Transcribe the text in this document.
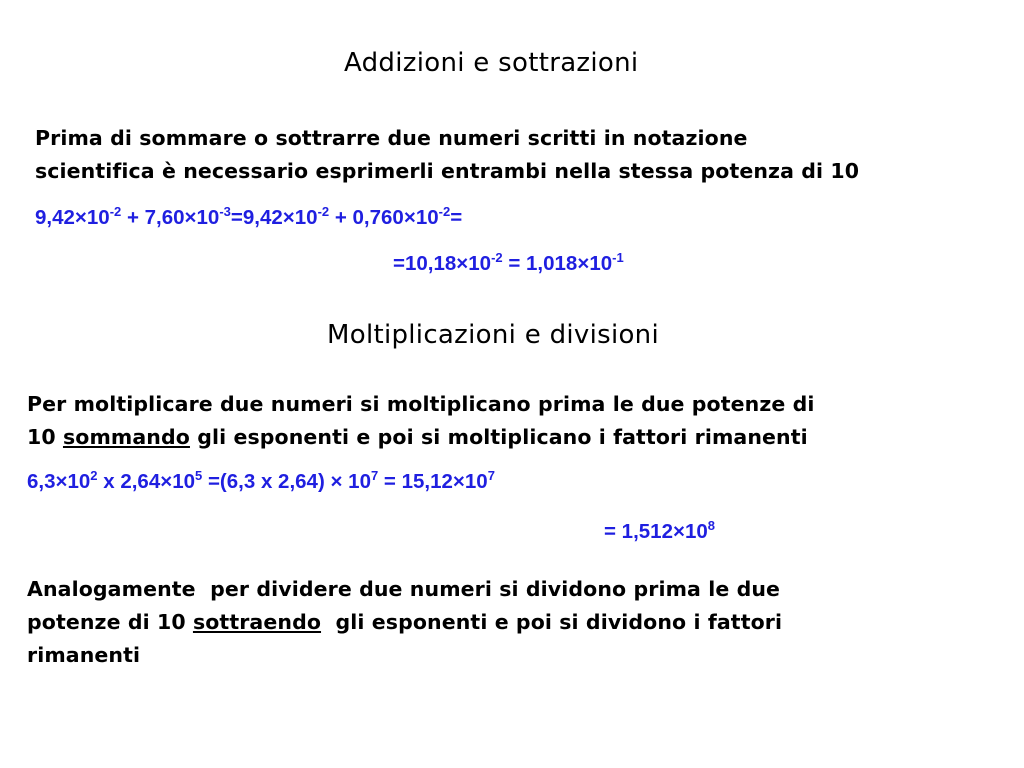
Addizioni e sottrazioni

Prima di sommare o sottrarre due numeri scritti in notazione
scientifica è necessario esprimerli entrambi nella stessa potenza di 10

$9,42\times 10^{-2} + 7,60\times 10^{-3}=9,42\times 10^{-2} + 0,760\times 10^{-2}=$

$=10,18\times 10^{-2} = 1,018\times 10^{-1}$

Moltiplicazioni e divisioni

Per moltiplicare due numeri si moltiplicano prima le due potenze di
10 sommando gli esponenti e poi si moltiplicano i fattori rimanenti

$6,3\times 10^2$ x $2,64\times 10^5 =(6,3$ x $2,64) \times 10^7 = 15,12\times 10^7$

= $1,512\times 10^8$

Analogamente  per dividere due numeri si dividono prima le due
potenze di 10 sottraendo  gli esponenti e poi si dividono i fattori
rimanenti
